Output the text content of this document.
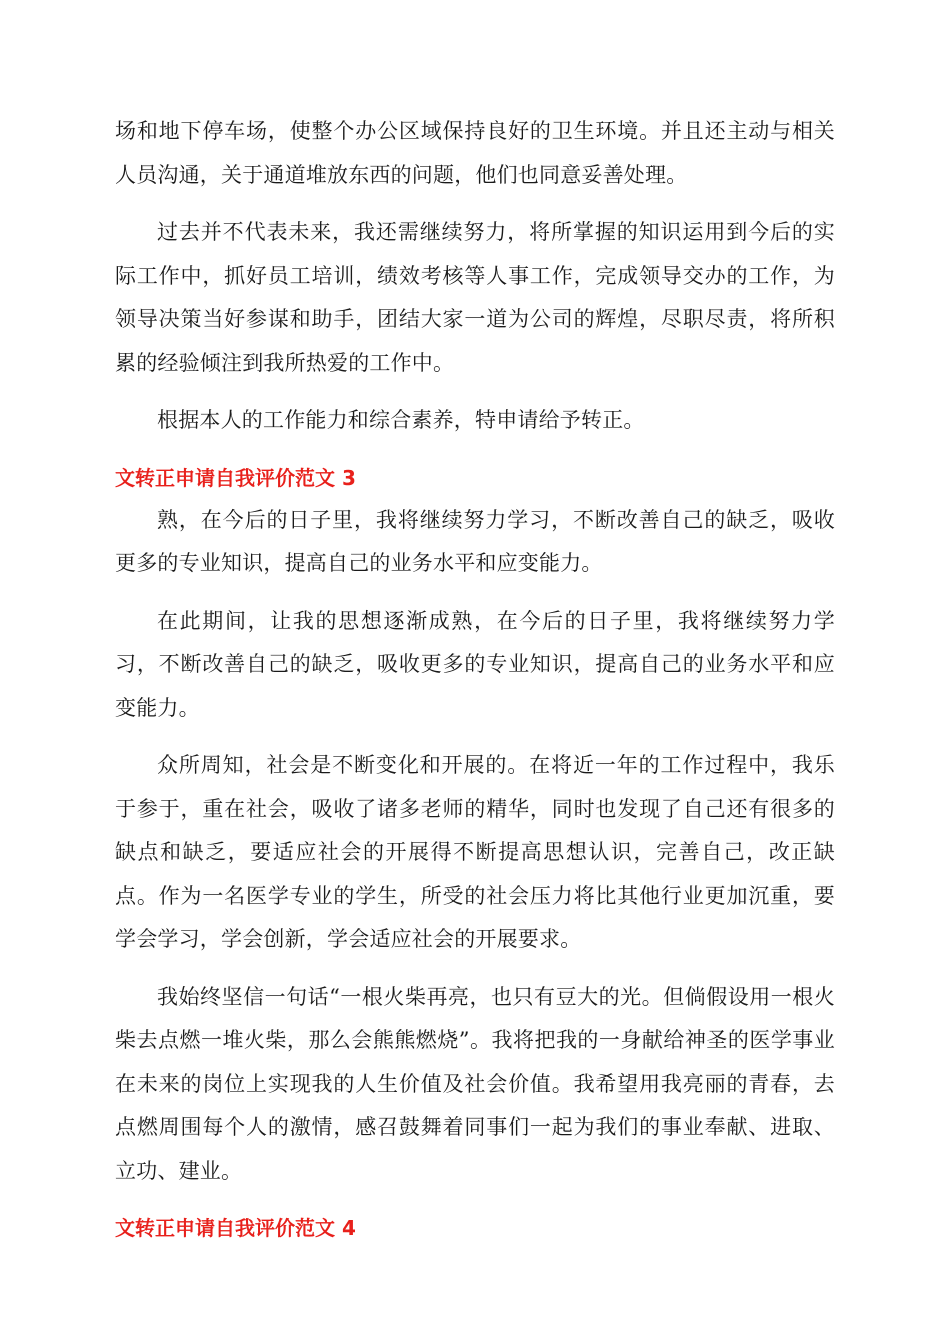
场和地下停车场，使整个办公区域保持良好的卫生环境。并且还主动与相关人员沟通，关于通道堆放东西的问题，他们也同意妥善处理。

过去并不代表未来，我还需继续努力，将所掌握的知识运用到今后的实际工作中，抓好员工培训，绩效考核等人事工作，完成领导交办的工作，为领导决策当好参谋和助手，团结大家一道为公司的辉煌，尽职尽责，将所积累的经验倾注到我所热爱的工作中。

根据本人的工作能力和综合素养，特申请给予转正。

文转正申请自我评价范文 3

熟，在今后的日子里，我将继续努力学习，不断改善自己的缺乏，吸收更多的专业知识，提高自己的业务水平和应变能力。

在此期间，让我的思想逐渐成熟，在今后的日子里，我将继续努力学习，不断改善自己的缺乏，吸收更多的专业知识，提高自己的业务水平和应变能力。

众所周知，社会是不断变化和开展的。在将近一年的工作过程中，我乐于参于，重在社会，吸收了诸多老师的精华，同时也发现了自己还有很多的缺点和缺乏，要适应社会的开展得不断提高思想认识，完善自己，改正缺点。作为一名医学专业的学生，所受的社会压力将比其他行业更加沉重，要学会学习，学会创新，学会适应社会的开展要求。

我始终坚信一句话“一根火柴再亮，也只有豆大的光。但倘假设用一根火柴去点燃一堆火柴，那么会熊熊燃烧”。我将把我的一身献给神圣的医学事业在未来的岗位上实现我的人生价值及社会价值。我希望用我亮丽的青春，去点燃周围每个人的激情，感召鼓舞着同事们一起为我们的事业奉献、进取、立功、建业。

文转正申请自我评价范文 4
